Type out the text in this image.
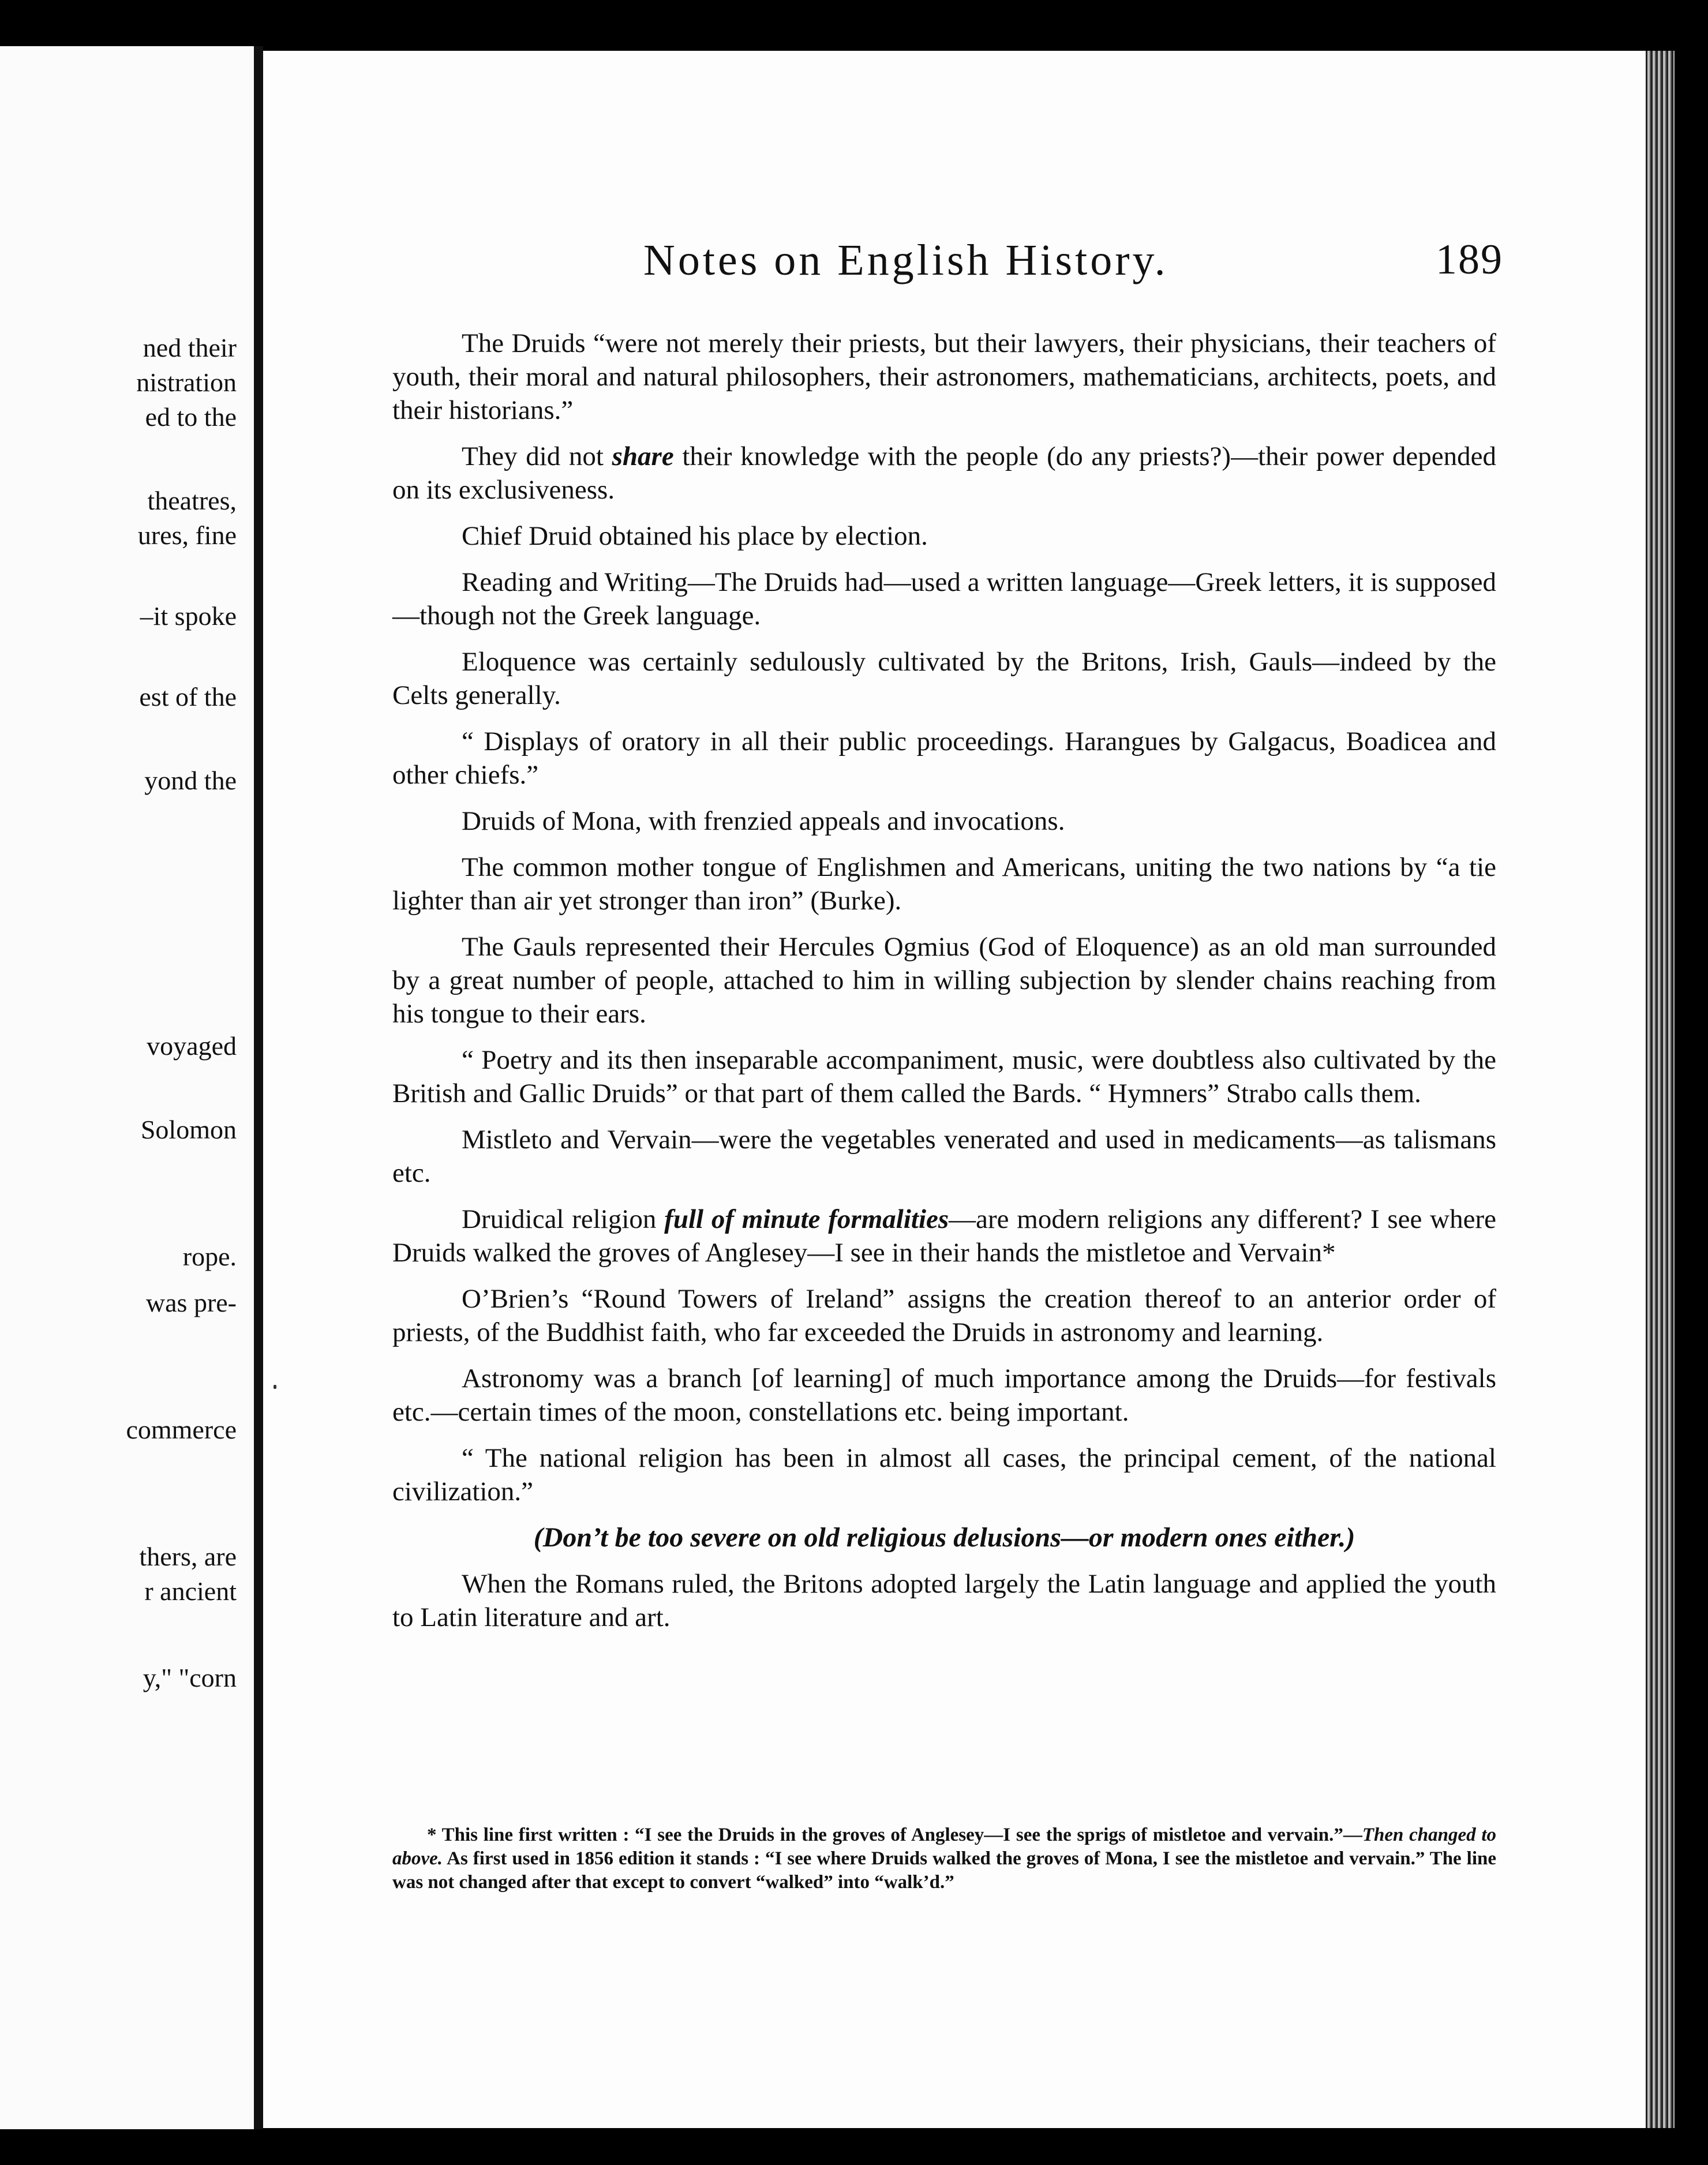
ned their
nistration
ed to the
theatres,
ures, fine
–it spoke
est of the
yond the
voyaged
Solomon
rope.
was pre-
commerce
thers, are
r ancient
y," "corn
Notes on English History.	189

The Druids “were not merely their priests, but their lawyers, their physicians, their teachers of youth, their moral and natural philosophers, their astronomers, mathematicians, architects, poets, and their historians.”

They did not share their knowledge with the people (do any priests?)—their power depended on its exclusiveness.

Chief Druid obtained his place by election.

Reading and Writing—The Druids had—used a written language—Greek letters, it is supposed—though not the Greek language.

Eloquence was certainly sedulously cultivated by the Britons, Irish, Gauls—indeed by the Celts generally.

“ Displays of oratory in all their public proceedings. Harangues by Galgacus, Boadicea and other chiefs.”

Druids of Mona, with frenzied appeals and invocations.

The common mother tongue of Englishmen and Americans, uniting the two nations by “a tie lighter than air yet stronger than iron” (Burke).

The Gauls represented their Hercules Ogmius (God of Eloquence) as an old man surrounded by a great number of people, attached to him in willing subjection by slender chains reaching from his tongue to their ears.

“ Poetry and its then inseparable accompaniment, music, were doubtless also cultivated by the British and Gallic Druids” or that part of them called the Bards. “ Hymners” Strabo calls them.

Mistleto and Vervain—were the vegetables venerated and used in medicaments—as talismans etc.

Druidical religion full of minute formalities—are modern religions any different? I see where Druids walked the groves of Anglesey—I see in their hands the mistletoe and Vervain*

O’Brien’s “Round Towers of Ireland” assigns the creation thereof to an anterior order of priests, of the Buddhist faith, who far exceeded the Druids in astronomy and learning.

Astronomy was a branch [of learning] of much importance among the Druids—for festivals etc.—certain times of the moon, constellations etc. being important.

“ The national religion has been in almost all cases, the principal cement, of the national civilization.”

(Don’t be too severe on old religious delusions—or modern ones either.)

When the Romans ruled, the Britons adopted largely the Latin language and applied the youth to Latin literature and art.

* This line first written : “I see the Druids in the groves of Anglesey—I see the sprigs of mistletoe and vervain.”—Then changed to above. As first used in 1856 edition it stands : “I see where Druids walked the groves of Mona, I see the mistletoe and vervain.” The line was not changed after that except to convert “walked” into “walk’d.”
